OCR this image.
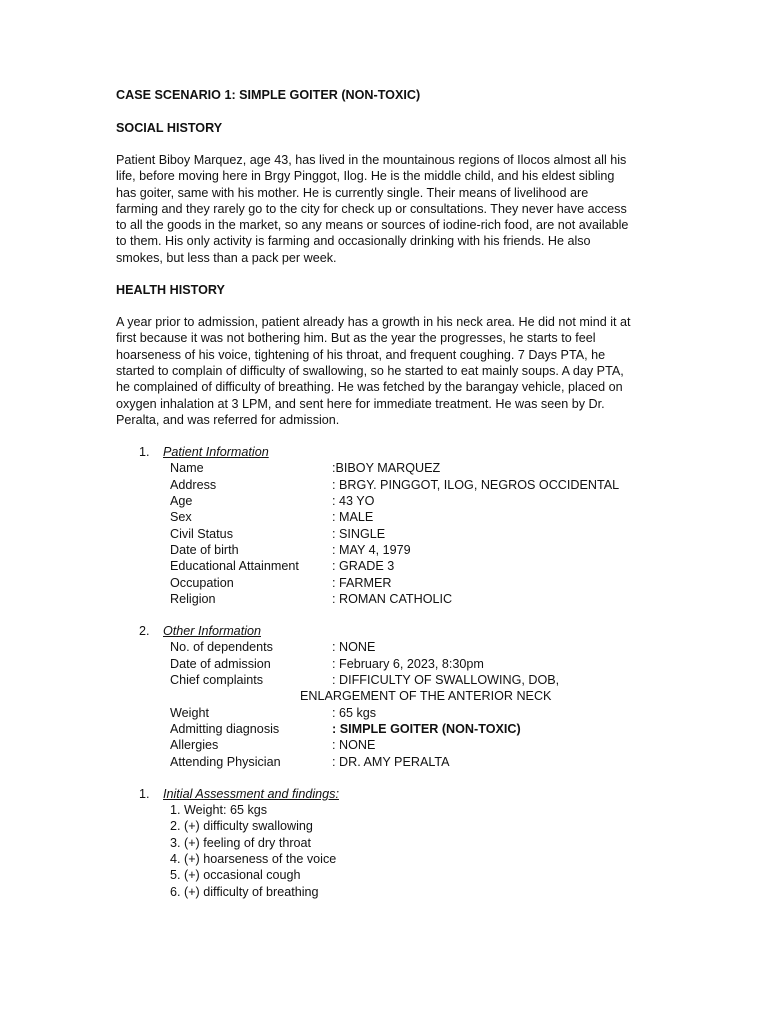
CASE SCENARIO 1: SIMPLE GOITER (NON-TOXIC)
SOCIAL HISTORY

Patient Biboy Marquez, age 43, has lived in the mountainous regions of Ilocos almost all his

life, before moving here in Brgy Pinggot, Ilog. He is the middle child, and his eldest sibling

has goiter, same with his mother. He is currently single. Their means of livelihood are

farming and they rarely go to the city for check up or consultations. They never have access

to all the goods in the market, so any means or sources of iodine-rich food, are not available

to them. His only activity is farming and occasionally drinking with his friends. He also

smokes, but less than a pack per week.

HEALTH HISTORY

A year prior to admission, patient already has a growth in his neck area. He did not mind it at

first because it was not bothering him. But as the year the progresses, he starts to feel

hoarseness of his voice, tightening of his throat, and frequent coughing. 7 Days PTA, he

started to complain of difficulty of swallowing, so he started to eat mainly soups. A day PTA,

he complained of difficulty of breathing. He was fetched by the barangay vehicle, placed on

oxygen inhalation at 3 LPM, and sent here for immediate treatment. He was seen by Dr.

Peralta, and was referred for admission.

1. Patient Information
Name	:BIBOY MARQUEZ
Address	: BRGY. PINGGOT, ILOG, NEGROS OCCIDENTAL
Age	: 43 YO
Sex	: MALE
Civil Status	: SINGLE
Date of birth	: MAY 4, 1979
Educational Attainment	: GRADE 3
Occupation	: FARMER
Religion	: ROMAN CATHOLIC
2. Other Information
No. of dependents	: NONE
Date of admission	: February 6, 2023, 8:30pm
Chief complaints	: DIFFICULTY OF SWALLOWING, DOB,
ENLARGEMENT OF THE ANTERIOR NECK
Weight	: 65 kgs
Admitting diagnosis	: SIMPLE GOITER (NON-TOXIC)
Allergies	: NONE
Attending Physician	: DR. AMY PERALTA
1. Initial Assessment and findings:
1. Weight: 65 kgs
2. (+) difficulty swallowing
3. (+) feeling of dry throat
4. (+) hoarseness of the voice
5. (+) occasional cough
6. (+) difficulty of breathing
